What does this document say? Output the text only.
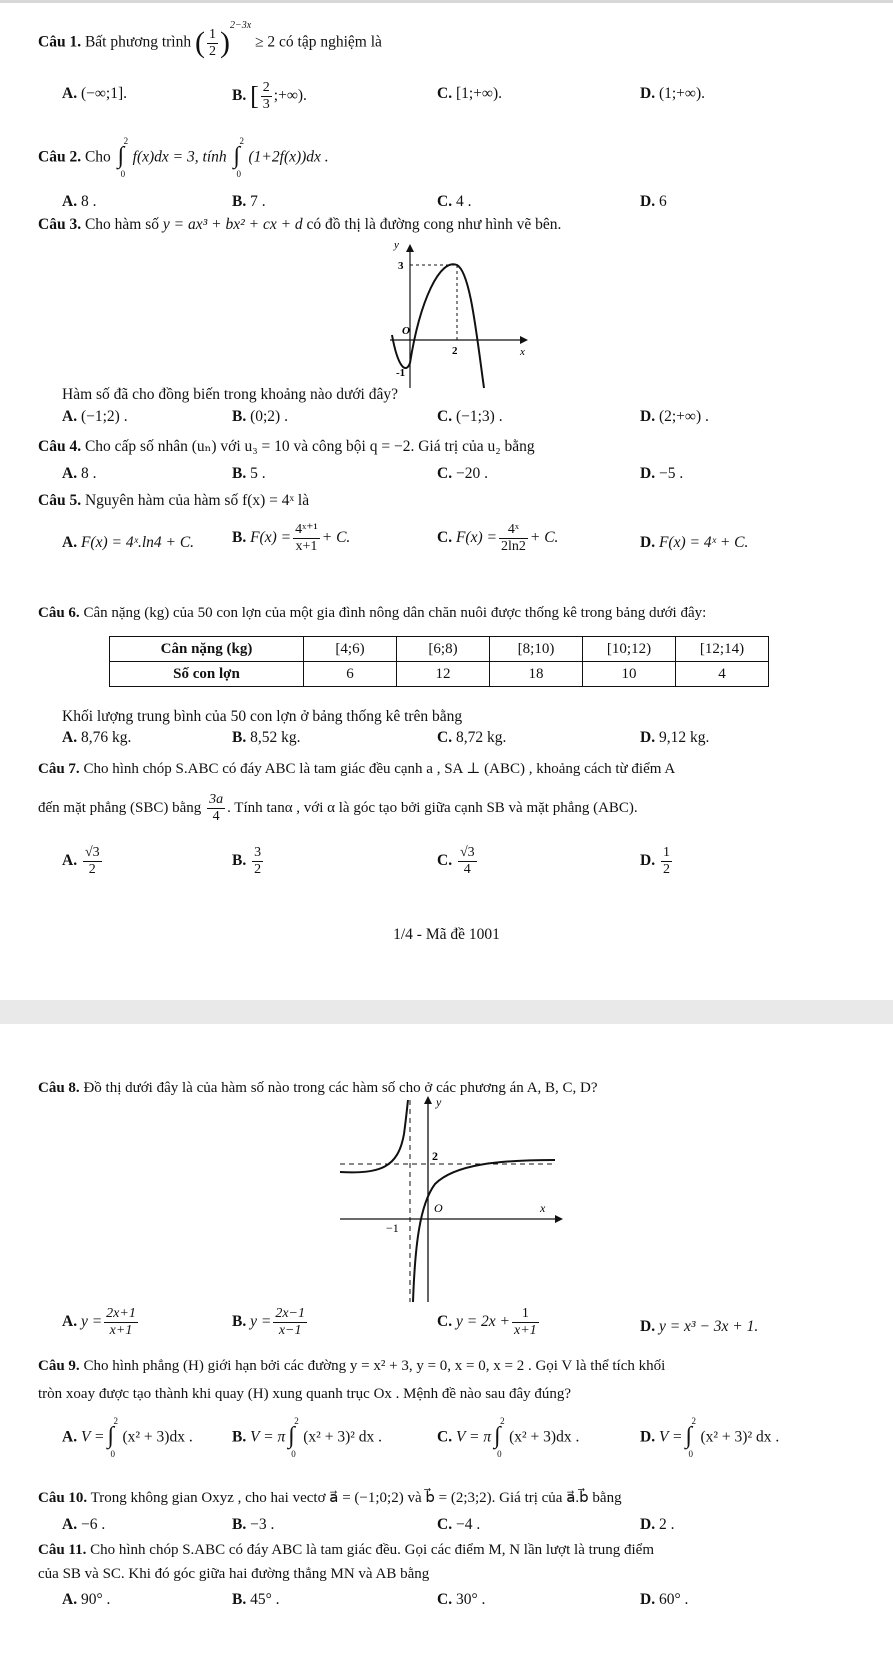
Câu 1. Bất phương trình ( $\frac{1}{2} )^{2-3x} \ge 2$ có tập nghiệm là
A. (−∞;1].	B. [ $\frac{2}{3}$ ;+∞).	C. [1;+∞).	D. (1;+∞).
Câu 2. Cho ∫
2
0
f(x)dx = 3, tính ∫
2
0
(1+2f(x))dx .
A. 8 .	B. 7 .	C. 4 .	D. 6
Câu 3. Cho hàm số y = ax³ + bx² + cx + d có đồ thị là đường cong như hình vẽ bên.
y
x
3
O
2
-1
Hàm số đã cho đồng biến trong khoảng nào dưới đây?
A. (−1;2) .	B. (0;2) .	C. (−1;3) .	D. (2;+∞) .
Câu 4. Cho cấp số nhân (uₙ) với u₃ = 10 và công bội q = −2. Giá trị của u₂ bằng
A. 8 .	B. 5 .	C. −20 .	D. −5 .
Câu 5. Nguyên hàm của hàm số f(x) = 4ˣ là
A. F(x) = 4ˣ.ln4 + C. B. $F(x) = \frac{\text{4ˣ⁺¹}}{x+1} + C$.	C. $F(x) = \frac{\text{4ˣ}}{2\ln 2} + C$.	D. F(x) = 4ˣ + C.
Câu 6. Cân nặng (kg) của 50 con lợn của một gia đình nông dân chăn nuôi được thống kê trong bảng dưới đây:
Cân nặng (kg)	[4;6)	[6;8)	[8;10)	[10;12)	[12;14)
Số con lợn	6	12	18	10	4
Khối lượng trung bình của 50 con lợn ở bảng thống kê trên bằng
A. 8,76 kg.	B. 8,52 kg.	C. 8,72 kg.	D. 9,12 kg.
Câu 7. Cho hình chóp S.ABC có đáy ABC là tam giác đều cạnh a , SA ⊥ (ABC) , khoảng cách từ điểm A
đến mặt phẳng (SBC) bằng $\frac{3a}{4}$ . Tính tanα , với α là góc tạo bởi giữa cạnh SB và mặt phẳng (ABC).
A. $\frac{√3}{2}$	B. $\frac{3}{2}$	C. $\frac{√3}{4}$	D. $\frac{1}{2}$
1/4 - Mã đề 1001
Câu 8. Đồ thị dưới đây là của hàm số nào trong các hàm số cho ở các phương án A, B, C, D?
y
x
2
O
−1
A. $y = \frac{2x+1}{x+1}$	B. $y = \frac{2x-1}{x-1}$	C. $y = 2x + \frac{1}{x+1}$	D. y = x³ − 3x + 1.
Câu 9. Cho hình phẳng (H) giới hạn bởi các đường y = x² + 3, y = 0, x = 0, x = 2 . Gọi V là thể tích khối
tròn xoay được tạo thành khi quay (H) xung quanh trục Ox . Mệnh đề nào sau đây đúng?
A. V = ∫
2
0
(x² + 3)dx .	B. V = π ∫
2
0
(x² + 3)² dx .	C. V = π ∫
2
0
(x² + 3)dx .	D. V = ∫
2
0
(x² + 3)² dx .
Câu 10. Trong không gian Oxyz , cho hai vectơ a⃗ = (−1;0;2) và b⃗ = (2;3;2). Giá trị của a⃗.b⃗ bằng
A. −6 .	B. −3 .	C. −4 .	D. 2 .
Câu 11. Cho hình chóp S.ABC có đáy ABC là tam giác đều. Gọi các điểm M, N lần lượt là trung điểm
của SB và SC. Khi đó góc giữa hai đường thẳng MN và AB bằng
A. 90° .	B. 45° .	C. 30° .	D. 60° .
